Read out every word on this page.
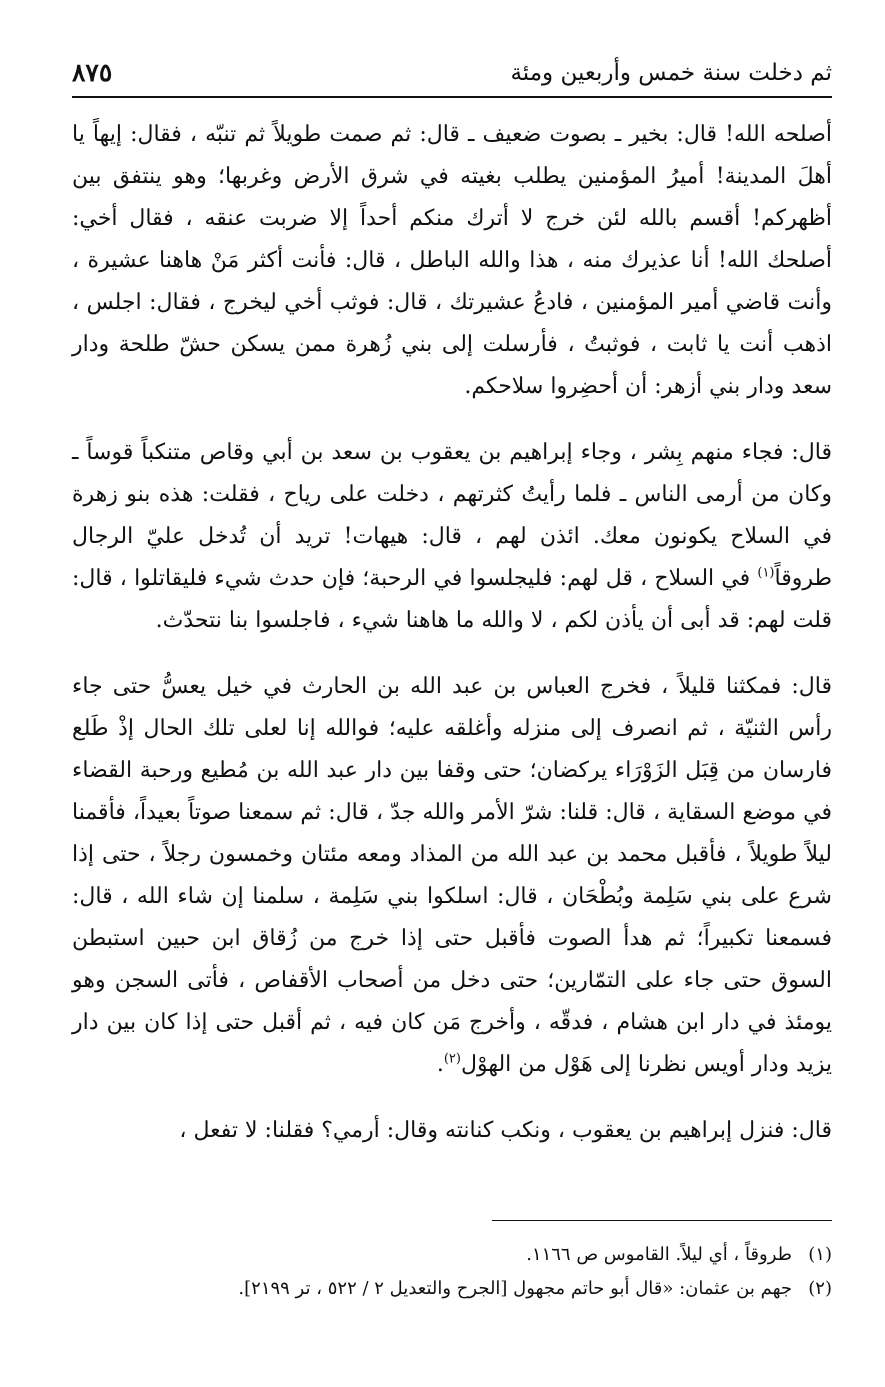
ثم دخلت سنة خمس وأربعين ومئة
٨٧٥

أصلحه الله! قال: بخير ـ بصوت ضعيف ـ قال: ثم صمت طويلاً ثم تنبّه ، فقال: إيهاً يا أهلَ المدينة! أميرُ المؤمنين يطلب بغيته في شرق الأرض وغربها؛ وهو ينتفق بين أظهركم! أقسم بالله لئن خرج لا أترك منكم أحداً إلا ضربت عنقه ، فقال أخي: أصلحك الله! أنا عذيرك منه ، هذا والله الباطل ، قال: فأنت أكثر مَنْ هاهنا عشيرة ، وأنت قاضي أمير المؤمنين ، فادعُ عشيرتك ، قال: فوثب أخي ليخرج ، فقال: اجلس ، اذهب أنت يا ثابت ، فوثبتُ ، فأرسلت إلى بني زُهرة ممن يسكن حشّ طلحة ودار سعد ودار بني أزهر: أن أحضِروا سلاحكم.

قال: فجاء منهم بِشر ، وجاء إبراهيم بن يعقوب بن سعد بن أبي وقاص متنكباً قوساً ـ وكان من أرمى الناس ـ فلما رأيتُ كثرتهم ، دخلت على رياح ، فقلت: هذه بنو زهرة في السلاح يكونون معك. ائذن لهم ، قال: هيهات! تريد أن تُدخل عليّ الرجال طروقاً$^{(١)}$ في السلاح ، قل لهم: فليجلسوا في الرحبة؛ فإن حدث شيء فليقاتلوا ، قال: قلت لهم: قد أبى أن يأذن لكم ، لا والله ما هاهنا شيء ، فاجلسوا بنا نتحدّث.

قال: فمكثنا قليلاً ، فخرج العباس بن عبد الله بن الحارث في خيل يعسُّ حتى جاء رأس الثنيّة ، ثم انصرف إلى منزله وأغلقه عليه؛ فوالله إنا لعلى تلك الحال إذْ طَلع فارسان من قِبَل الزَوْرَاء يركضان؛ حتى وقفا بين دار عبد الله بن مُطيع ورحبة القضاء في موضع السقاية ، قال: قلنا: شرّ الأمر والله جدّ ، قال: ثم سمعنا صوتاً بعيداً، فأقمنا ليلاً طويلاً ، فأقبل محمد بن عبد الله من المذاد ومعه مئتان وخمسون رجلاً ، حتى إذا شرع على بني سَلِمة وبُطْحَان ، قال: اسلكوا بني سَلِمة ، سلمنا إن شاء الله ، قال: فسمعنا تكبيراً؛ ثم هدأ الصوت فأقبل حتى إذا خرج من زُقاق ابن حبين استبطن السوق حتى جاء على التمّارين؛ حتى دخل من أصحاب الأقفاص ، فأتى السجن وهو يومئذ في دار ابن هشام ، فدقّه ، وأخرج مَن كان فيه ، ثم أقبل حتى إذا كان بين دار يزيد ودار أويس نظرنا إلى هَوْل من الهوْل$^{(٢)}$.

قال: فنزل إبراهيم بن يعقوب ، ونكب كنانته وقال: أرمي؟ فقلنا: لا تفعل ،

(١)طروقاً ، أي ليلاً. القاموس ص ١١٦٦.
(٢)جهم بن عثمان: «قال أبو حاتم مجهول [الجرح والتعديل ٢ / ٥٢٢ ، تر ٢١٩٩].
